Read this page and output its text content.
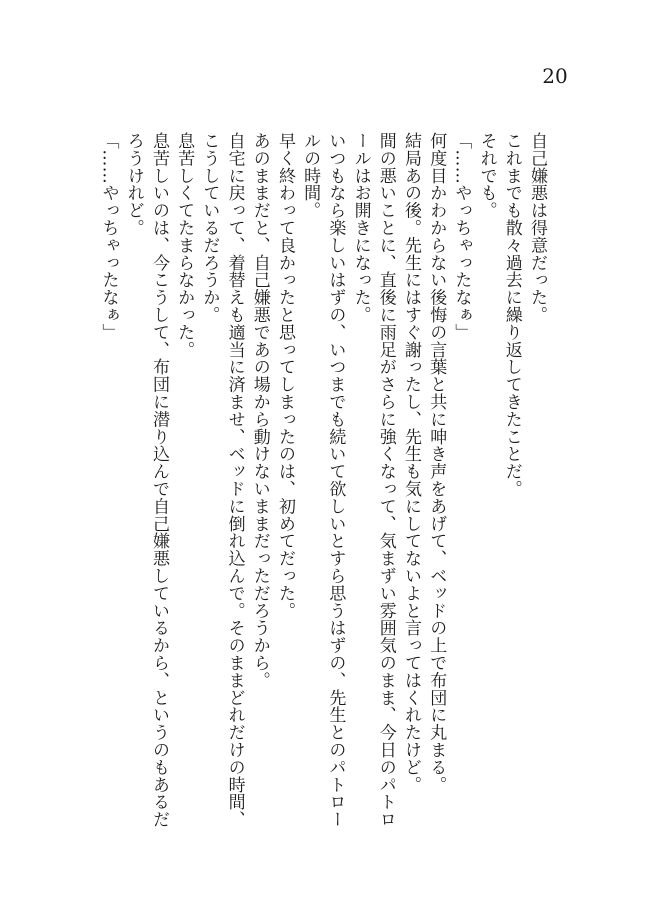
20

自己嫌悪は得意だった。

これまでも散々過去に繰り返してきたことだ。

それでも。

「……やっちゃったなぁ」

何度目かわからない後悔の言葉と共に呻き声をあげて、ベッドの上で布団に丸まる。

結局あの後。先生にはすぐ謝ったし、先生も気にしてないよと言ってはくれたけど。

間の悪いことに、直後に雨足がさらに強くなって、気まずい雰囲気のまま、今日のパトロールはお開きになった。

いつもなら楽しいはずの、いつまでも続いて欲しいとすら思うはずの、先生とのパトロールの時間。

早く終わって良かったと思ってしまったのは、初めてだった。

あのままだと、自己嫌悪であの場から動けないままだっただろうから。

自宅に戻って、着替えも適当に済ませ、ベッドに倒れ込んで。そのままどれだけの時間、こうしているだろうか。

息苦しくてたまらなかった。

息苦しいのは、今こうして、布団に潜り込んで自己嫌悪しているから、というのもあるだろうけれど。

「……やっちゃったなぁ」
